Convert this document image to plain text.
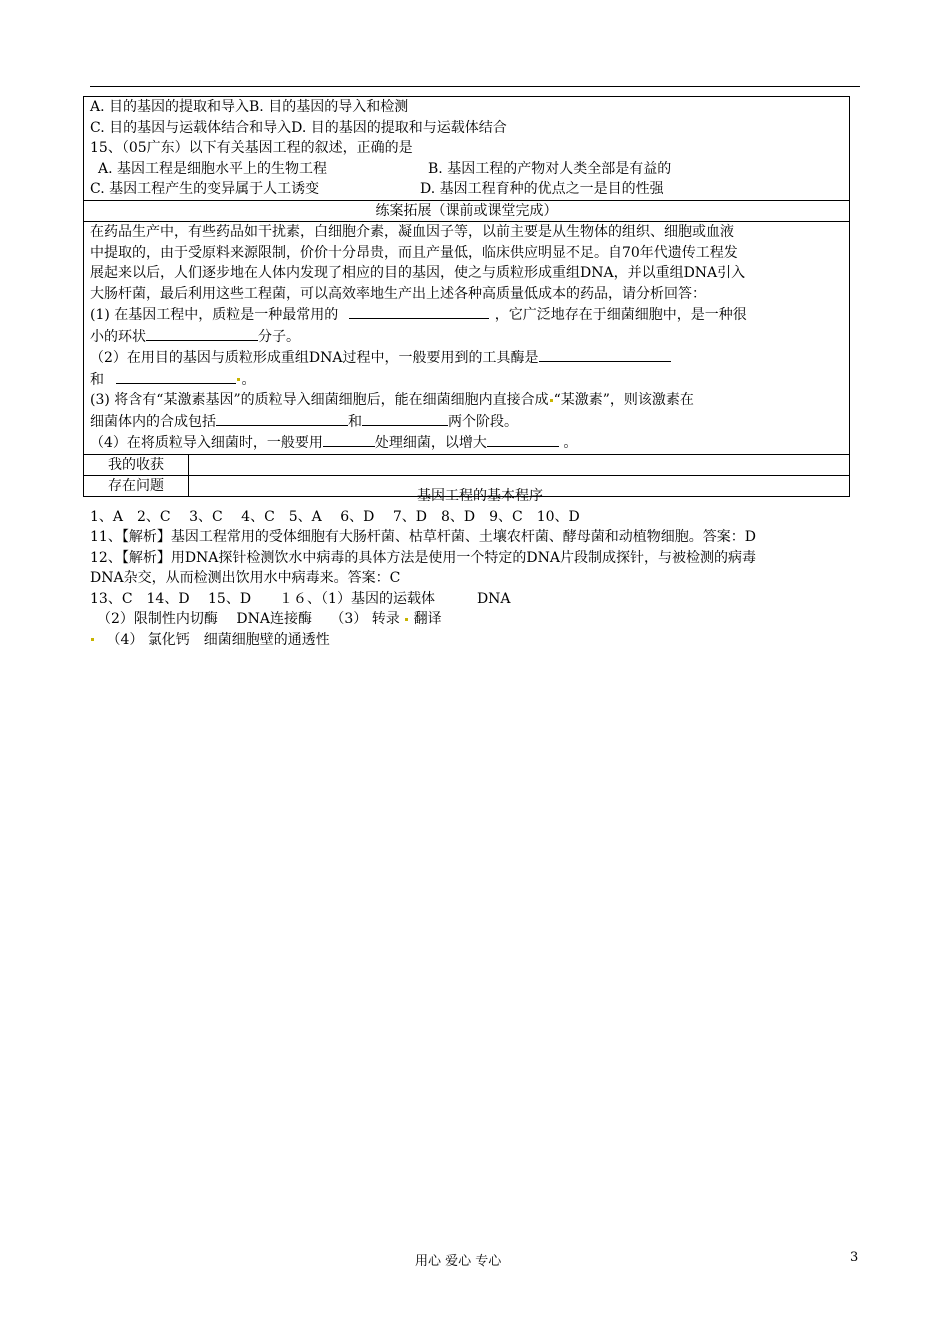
A. 目的基因的提取和导入B. 目的基因的导入和检测
C. 目的基因与运载体结合和导入D. 目的基因的提取和与运载体结合
15、（05广东）以下有关基因工程的叙述，正确的是
A. 基因工程是细胞水平上的生物工程	B. 基因工程的产物对人类全部是有益的
C. 基因工程产生的变异属于人工诱变	D. 基因工程育种的优点之一是目的性强
练案拓展（课前或课堂完成）
在药品生产中，有些药品如干扰素，白细胞介素，凝血因子等，以前主要是从生物体的组织、细胞或血液
中提取的，由于受原料来源限制，价价十分昂贵，而且产量低，临床供应明显不足。自70年代遗传工程发
展起来以后，人们逐步地在人体内发现了相应的目的基因，使之与质粒形成重组DNA，并以重组DNA引入
大肠杆菌，最后利用这些工程菌，可以高效率地生产出上述各种高质量低成本的药品，请分析回答：
(1) 在基因工程中，质粒是一种最常用的	，它广泛地存在于细菌细胞中，是一种很
小的环状	分子。
（2）在用目的基因与质粒形成重组DNA过程中，一般要用到的工具酶是
和	。
(3) 将含有“某激素基因”的质粒导入细菌细胞后，能在细菌细胞内直接合成 “某激素”，则该激素在
细菌体内的合成包括	和	两个阶段。
（4）在将质粒导入细菌时，一般要用	处理细菌，以增大	。
我的收获
存在问题
基因工程的基本程序
1、A　2、C　 3、C　 4、C　5、A　 6、D　 7、D　8、D　9、C　10、D
11、【解析】基因工程常用的受体细胞有大肠杆菌、枯草杆菌、土壤农杆菌、酵母菌和动植物细胞。答案：D
12、【解析】用DNA探针检测饮水中病毒的具体方法是使用一个特定的DNA片段制成探针，与被检测的病毒
DNA杂交，从而检测出饮用水中病毒来。答案：C
13、C　14、D　 15、D　　１６、（1）基因的运载体　　　DNA
　（2）限制性内切酶　 DNA连接酶　 （3） 转录 翻译
　（4） 氯化钙　细菌细胞壁的通透性
用心 爱心 专心	3
